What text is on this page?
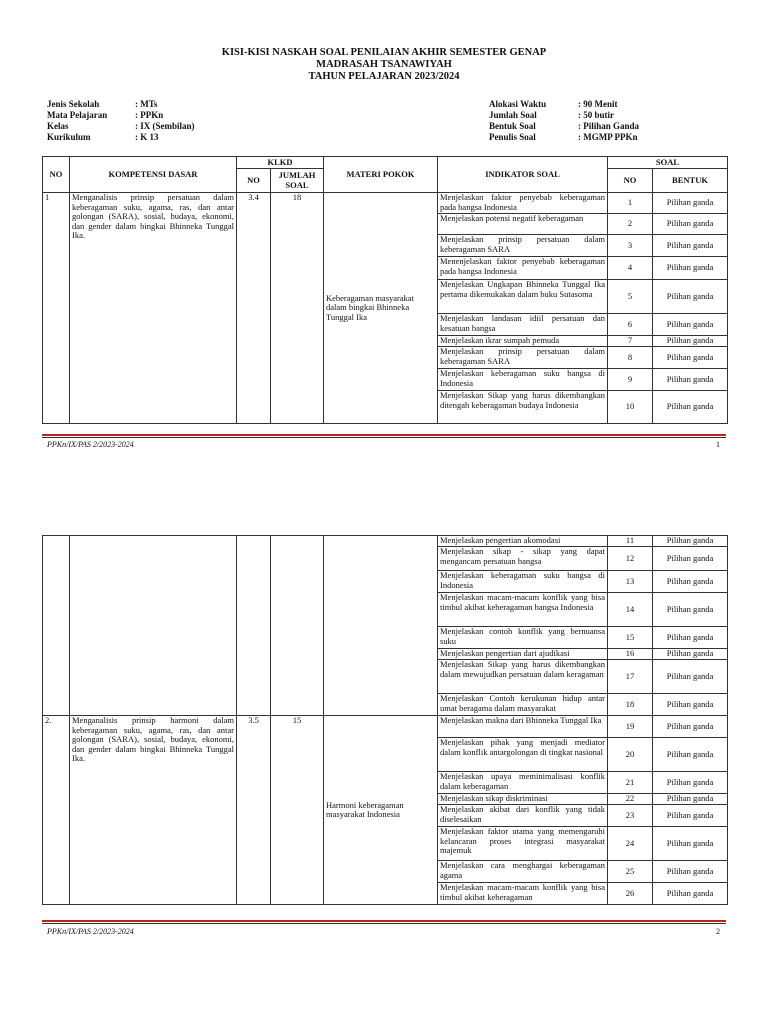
KISI-KISI NASKAH SOAL PENILAIAN AKHIR SEMESTER GENAP
MADRASAH TSANAWIYAH
TAHUN PELAJARAN 2023/2024
Jenis Sekolah	: MTs
Mata Pelajaran	: PPKn
Kelas	: IX (Sembilan)
Kurikulum	: K 13
Alokasi Waktu	: 90 Menit
Jumlah Soal	: 50 butir
Bentuk Soal	: Pilihan Ganda
Penulis Soal	: MGMP PPKn
NO	KOMPETENSI DASAR	KLKD		MATERI POKOK	INDIKATOR SOAL	SOAL	
		NO	JUMLAH SOAL			NO	BENTUK
1	Menganalisis prinsip persatuan dalam keberagaman suku, agama, ras, dan antar golongan (SARA), sosial, budaya, ekonomi, dan gender dalam bingkai Bhinneka Tunggal Ika.	3.4	18	Keberagaman masyarakat dalam bingkai Bhinneka Tunggal Ika	Menjelaskan faktor penyebab keberagaman pada bangsa Indonesia	1	Pilihan ganda
					Menjelaskan potensi negatif keberagaman	2	Pilihan ganda
					Menjelaskan prinsip persatuan dalam keberagaman SARA	3	Pilihan ganda
					Menenjelaskan faktor penyebab keberagaman pada bangsa Indonesia	4	Pilihan ganda
					Menjelaskan Ungkapan Bhinneka Tunggal Ika pertama dikemukakan dalam buku Sutasoma	5	Pilihan ganda
					Menjelaskan landasan idiil persatuan dan kesatuan bangsa	6	Pilihan ganda
					Menjelaskan ikrar sumpah pemuda	7	Pilihan ganda
					Menjelaskan prinsip persatuan dalam keberagaman SARA	8	Pilihan ganda
					Menjelaskan keberagaman suku bangsa di Indonesia	9	Pilihan ganda
					Menjelaskan Sikap yang harus dikembangkan ditengah keberagaman budaya Indonesia	10	Pilihan ganda
PPKn/IX/PAS 2/2023-2024	1
					Menjelaskan pengertian akomodasi	11	Pilihan ganda
					Menjelaskan sikap - sikap yang dapat mengancam persatuan bangsa	12	Pilihan ganda
					Menjelaskan keberagaman suku bangsa di Indonesia	13	Pilihan ganda
					Menjelaskan macam-macam konflik yang bisa timbul akibat keberagaman bangsa Indonesia	14	Pilihan ganda
					Menjelaskan contoh konflik yang bernuansa suku	15	Pilihan ganda
					Menjelaskan pengertian dari ajudikasi	16	Pilihan ganda
					Menjelaskan Sikap yang harus dikembangkan dalam mewujudkan persatuan dalam keragaman	17	Pilihan ganda
					Menjelaskan Contoh kerukunan hidup antar umat beragama dalam masyarakat	18	Pilihan ganda
2.	Menganalisis prinsip harmoni dalam keberagaman suku, agama, ras, dan antar golongan (SARA), sosial, budaya, ekonomi, dan gender dalam bingkai Bhinneka Tunggal Ika.	3.5	15	Harmoni keberagaman masyarakat Indonesia	Menjelaskan makna dari Bhinneka Tunggal Ika	19	Pilihan ganda
					Menjelaskan pihak yang menjadi mediator dalam konflik antargolongan di tingkat nasional	20	Pilihan ganda
					Menjelaskan upaya meminimalisasi konflik dalam keberagaman	21	Pilihan ganda
					Menjelaskan sikap diskriminasi	22	Pilihan ganda
					Menjelaskan akibat dari konflik yang tidak diselesaikan	23	Pilihan ganda
					Menjelaskan faktor utama yang memengaruhi kelancaran proses integrasi masyarakat majemuk	24	Pilihan ganda
					Menjelaskan cara menghargai keberagaman agama	25	Pilihan ganda
					Menjelaskan macam-macam konflik yang bisa timbul akibat keberagaman	26	Pilihan ganda
PPKn/IX/PAS 2/2023-2024	2
